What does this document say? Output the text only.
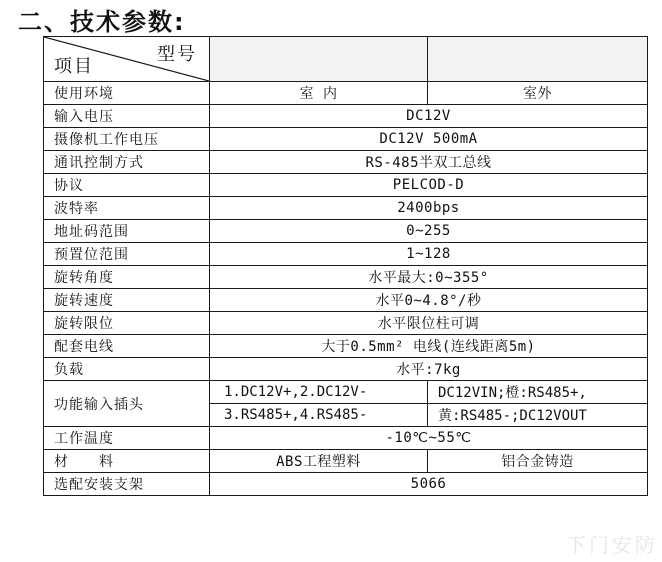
二、技术参数:
型号
项目		

使用环境	室 内	室外
输入电压	DC12V	
摄像机工作电压	DC12V 500mA	
通讯控制方式	RS-485半双工总线	
协议	PELCOD-D	
波特率	2400bps	
地址码范围	0~255	
预置位范围	1~128	
旋转角度	水平最大:0~355°	
旋转速度	水平0~4.8°/秒	
旋转限位	水平限位柱可调	
配套电线	大于0.5mm² 电线(连线距离5m)	
负载	水平:7kg	
功能输入插头	1.DC12V+,2.DC12V-	DC12VIN;橙:RS485+,
	3.RS485+,4.RS485-	黄:RS485-;DC12VOUT
工作温度	-10℃~55℃	
材　　料	ABS工程塑料	铝合金铸造
选配安装支架	5066	
下门安防
